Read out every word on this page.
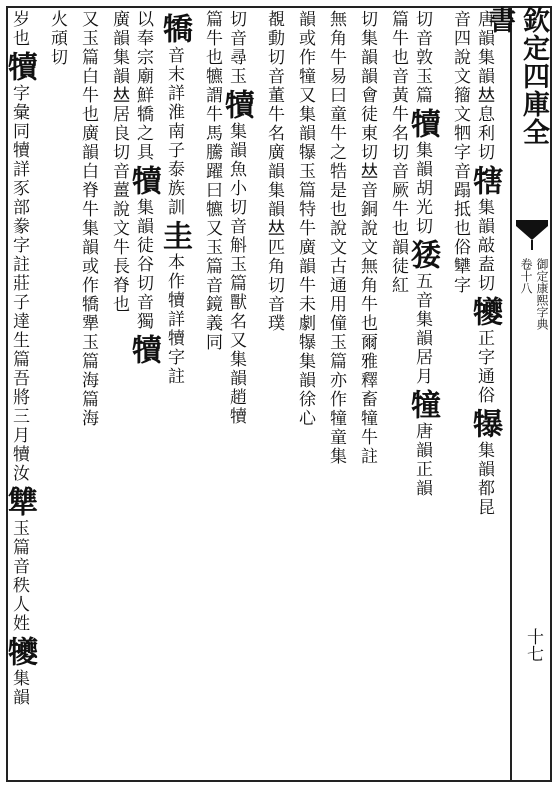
欽定四庫全書
御定康熙字典
卷十八
十七
唐韻集韻𠀤息利切犗集韻敲盍切犪正字通俗犦集韻都昆
音四說文籀文牭字音蹋抵也俗犫字
切音敦玉篇犢集韻胡光切㹻五音集韻居月犝唐韻正韻
篇牛也音黃牛名切音厥牛也韻徒紅
切集韻韻會徒東切𠀤音銅說文無角牛也爾雅釋畜犝牛註
無角牛易曰童牛之牿是也說文古通用僮玉篇亦作犝童集
韻或作犝又集韻犦玉篇特牛廣韻牛未劇犦集韻徐心
覩動切音董牛名廣韻集韻𠀤匹角切音璞
切音尋玉犢集韻魚小切音斛玉篇獸名又集韻趙犢
篇牛也犥謂牛馬騰躍曰犥又玉篇音鏡義同
犞音末詳淮南子泰族訓圭本作犢詳犢字註
以奉宗廟鮮犞之具犢集韻徒谷切音獨犢
廣韻集韻𠀤居良切音薑說文牛長脊也
又玉篇白牛也廣韻白脊牛集韻或作犞犟玉篇海篇海
火頑切
岁也犢字彙同犢詳豕部豢字註莊子達生篇吾將三月犢汝犨玉篇音秩人姓犪集韻
